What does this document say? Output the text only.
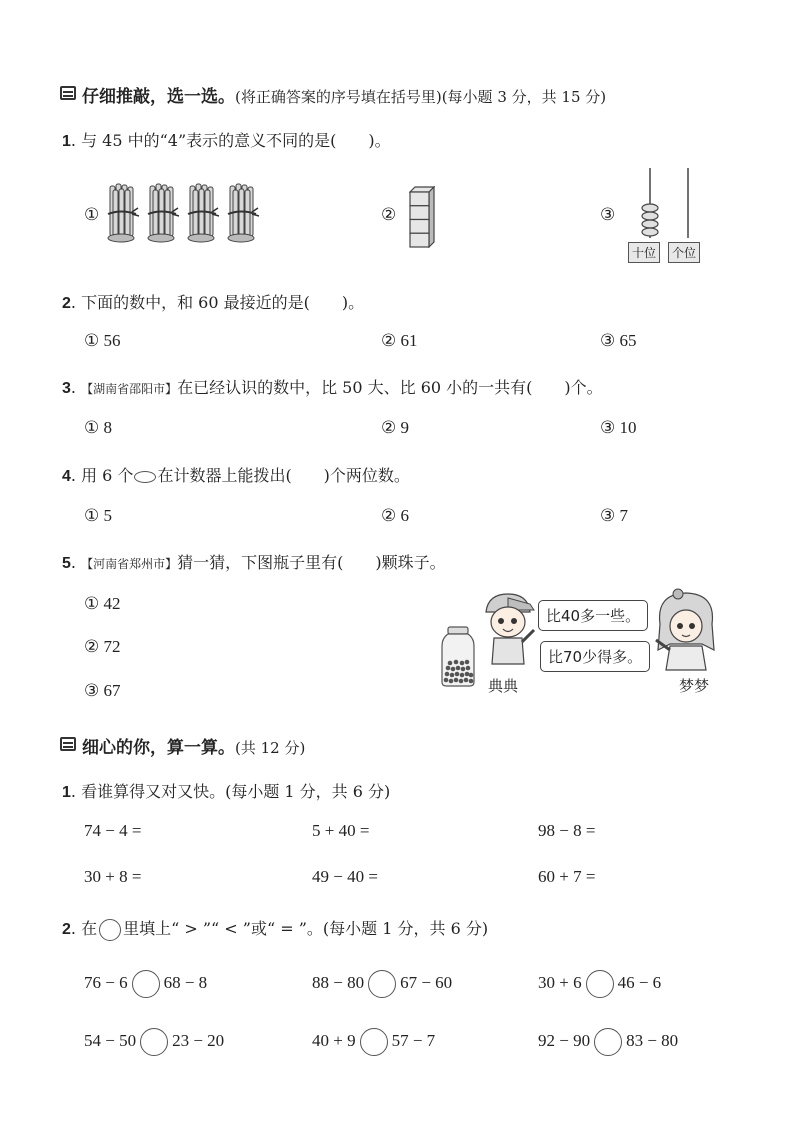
仔细推敲，选一选。(将正确答案的序号填在括号里)(每小题 3 分，共 15 分)
1. 与 45 中的“4”表示的意义不同的是(　　)。
①	②	③
十位	个位
2. 下面的数中，和 60 最接近的是(　　)。
① 56	② 61	③ 65
3. 【湖南省邵阳市】在已经认识的数中，比 50 大、比 60 小的一共有(　　)个。
① 8	② 9	③ 10
4. 用 6 个 在计数器上能拨出(　　)个两位数。
① 5	② 6	③ 7
5. 【河南省郑州市】猜一猜，下图瓶子里有(　　)颗珠子。
① 42
② 72
③ 67
比40多一些。
比70少得多。
典典	梦梦
细心的你，算一算。(共 12 分)
1. 看谁算得又对又快。(每小题 1 分，共 6 分)
74 − 4 =	5 + 40 =	98 − 8 =
30 + 8 =	49 − 40 =	60 + 7 =
2. 在 里填上“ > ”“ < ”或“ = ”。(每小题 1 分，共 6 分)
76 − 6 68 − 8	88 − 80 67 − 60	30 + 6 46 − 6
54 − 50 23 − 20	40 + 9 57 − 7	92 − 90 83 − 80
